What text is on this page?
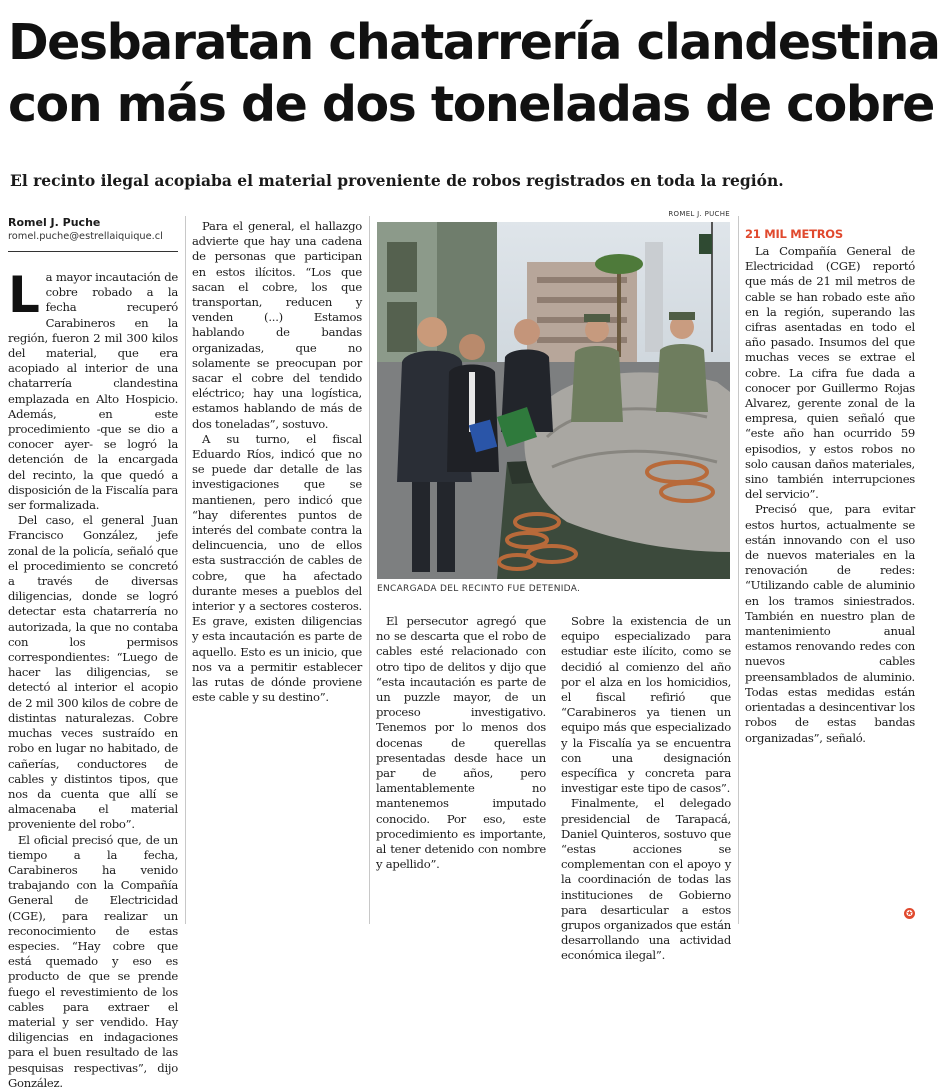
Desbaratan chatarrería clandestina
con más de dos toneladas de cobre

El recinto ilegal acopiaba el material proveniente de robos registrados en toda la región.

Romel J. Puche
romel.puche@estrellaiquique.cl

La mayor incautación de cobre robado a la fecha recuperó Carabineros en la región, fueron 2 mil 300 kilos del material, que era acopiado al interior de una chatarrería clandestina emplazada en Alto Hospicio. Además, en este procedimiento -que se dio a conocer ayer- se logró la detención de la encargada del recinto, la que quedó a disposición de la Fiscalía para ser formalizada.

Del caso, el general Juan Francisco González, jefe zonal de la policía, señaló que el procedimiento se concretó a través de diversas diligencias, donde se logró detectar esta chatarrería no autorizada, la que no contaba con los permisos correspondientes: “Luego de hacer las diligencias, se detectó al interior el acopio de 2 mil 300 kilos de cobre de distintas naturalezas. Cobre muchas veces sustraído en robo en lugar no habitado, de cañerías, conductores de cables y distintos tipos, que nos da cuenta que allí se almacenaba el material proveniente del robo”.

El oficial precisó que, de un tiempo a la fecha, Carabineros ha venido trabajando con la Compañía General de Electricidad (CGE), para realizar un reconocimiento de estas especies. “Hay cobre que está quemado y eso es producto de que se prende fuego el revestimiento de los cables para extraer el material y ser vendido. Hay diligencias en indagaciones para el buen resultado de las pesquisas respectivas”, dijo González.

Para el general, el hallazgo advierte que hay una cadena de personas que participan en estos ilícitos. “Los que sacan el cobre, los que transportan, reducen y venden (...) Estamos hablando de bandas organizadas, que no solamente se preocupan por sacar el cobre del tendido eléctrico; hay una logística, estamos hablando de más de dos toneladas”, sostuvo.

A su turno, el fiscal Eduardo Ríos, indicó que no se puede dar detalle de las investigaciones que se mantienen, pero indicó que “hay diferentes puntos de interés del combate contra la delincuencia, uno de ellos esta sustracción de cables de cobre, que ha afectado durante meses a pueblos del interior y a sectores costeros. Es grave, existen diligencias y esta incautación es parte de aquello. Esto es un inicio, que nos va a permitir establecer las rutas de dónde proviene este cable y su destino”.

ROMEL J. PUCHE
ENCARGADA DEL RECINTO FUE DETENIDA.

El persecutor agregó que no se descarta que el robo de cables esté relacionado con otro tipo de delitos y dijo que “esta incautación es parte de un puzzle mayor, de un proceso investigativo. Tenemos por lo menos dos docenas de querellas presentadas desde hace un par de años, pero lamentablemente no mantenemos imputado conocido. Por eso, este procedimiento es importante, al tener detenido con nombre y apellido”.

Sobre la existencia de un equipo especializado para estudiar este ilícito, como se decidió al comienzo del año por el alza en los homicidios, el fiscal refirió que “Carabineros ya tienen un equipo más que especializado y la Fiscalía ya se encuentra con una designación específica y concreta para investigar este tipo de casos”.

Finalmente, el delegado presidencial de Tarapacá, Daniel Quinteros, sostuvo que “estas acciones se complementan con el apoyo y la coordinación de todas las instituciones de Gobierno para desarticular a estos grupos organizados que están desarrollando una actividad económica ilegal”.

21 MIL METROS

La Compañía General de Electricidad (CGE) reportó que más de 21 mil metros de cable se han robado este año en la región, superando las cifras asentadas en todo el año pasado. Insumos del que muchas veces se extrae el cobre. La cifra fue dada a conocer por Guillermo Rojas Alvarez, gerente zonal de la empresa, quien señaló que “este año han ocurrido 59 episodios, y estos robos no solo causan daños materiales, sino también interrupciones del servicio”.

Precisó que, para evitar estos hurtos, actualmente se están innovando con el uso de nuevos materiales en la renovación de redes: “Utilizando cable de aluminio en los tramos siniestrados. También en nuestro plan de mantenimiento anual estamos renovando redes con nuevos cables preensamblados de aluminio. Todas estas medidas están orientadas a desincentivar los robos de estas bandas organizadas”, señaló.

✪
